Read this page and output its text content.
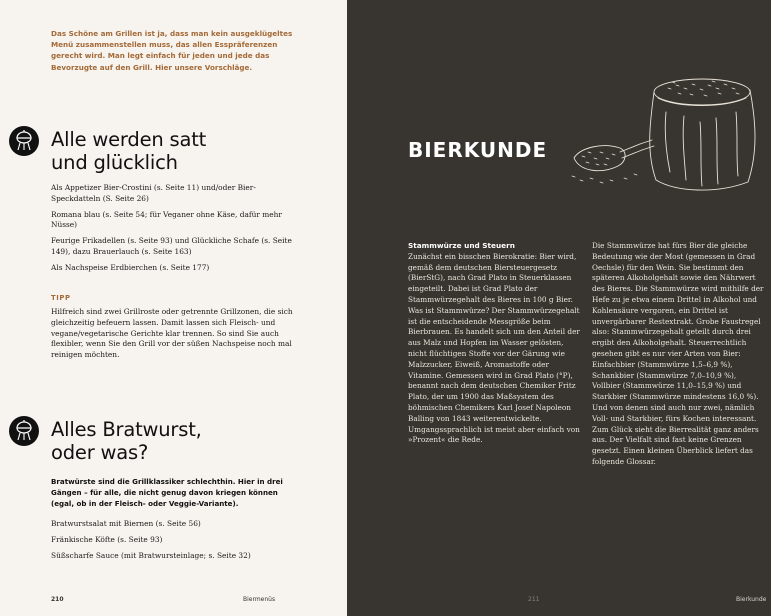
Das Schöne am Grillen ist ja, dass man kein ausgeklügeltes Menü zusammenstellen muss, das allen Esspräferenzen gerecht wird. Man legt einfach für jeden und jede das Bevorzugte auf den Grill. Hier unsere Vorschläge.

Alle werden satt
und glücklich
Als Appetizer Bier-Crostini (s. Seite 11) und/oder Bier-Speckdatteln (S. Seite 26)
Romana blau (s. Seite 54; für Veganer ohne Käse, dafür mehr Nüsse)
Feurige Frikadellen (s. Seite 93) und Glückliche Schafe (s. Seite 149), dazu Brauerlauch (s. Seite 163)
Als Nachspeise Erdbierchen (s. Seite 177)

TIPP

Hilfreich sind zwei Grillroste oder getrennte Grillzonen, die sich gleichzeitig befeuern lassen. Damit lassen sich Fleisch- und vegane/vegetarische Gerichte klar trennen. So sind Sie auch flexibler, wenn Sie den Grill vor der süßen Nachspeise noch mal reinigen möchten.

Alles Bratwurst,
oder was?

Bratwürste sind die Grillklassiker schlechthin. Hier in drei Gängen – für alle, die nicht genug davon kriegen können (egal, ob in der Fleisch- oder Veggie-Variante).

Bratwurstsalat mit Biernen (s. Seite 56)
Fränkische Köfte (s. Seite 93)
Süßscharfe Sauce (mit Bratwursteinlage; s. Seite 32)

210	Biermenüs

BIERKUNDE
Stammwürze und Steuern
Zunächst ein bisschen Bierokratie: Bier wird, gemäß dem deutschen Biersteuergesetz (BierStG), nach Grad Plato in Steuerklassen eingeteilt. Dabei ist Grad Plato der Stammwürzegehalt des Bieres in 100 g Bier. Was ist Stammwürze? Der Stammwürzegehalt ist die entscheidende Messgröße beim Bierbrauen. Es handelt sich um den Anteil der aus Malz und Hopfen im Wasser gelösten, nicht flüchtigen Stoffe vor der Gärung wie Malzzucker, Eiweiß, Aromastoffe oder Vitamine. Gemessen wird in Grad Plato (°P), benannt nach dem deutschen Chemiker Fritz Plato, der um 1900 das Maßsystem des böhmischen Chemikers Karl Josef Napoleon Balling von 1843 weiterentwickelte. Umgangssprachlich ist meist aber einfach von »Prozent« die Rede.
Die Stammwürze hat fürs Bier die gleiche Bedeutung wie der Most (gemessen in Grad Oechsle) für den Wein. Sie bestimmt den späteren Alkoholgehalt sowie den Nährwert des Bieres. Die Stammwürze wird mithilfe der Hefe zu je etwa einem Drittel in Alkohol und Kohlensäure vergoren, ein Drittel ist unvergärbarer Restextrakt. Grobe Faustregel also: Stammwürzegehalt geteilt durch drei ergibt den Alkoholgehalt. Steuerrechtlich gesehen gibt es nur vier Arten von Bier: Einfachbier (Stammwürze 1,5–6,9 %), Schankbier (Stammwürze 7,0–10,9 %), Vollbier (Stammwürze 11,0–15,9 %) und Starkbier (Stammwürze mindestens 16,0 %). Und von denen sind auch nur zwei, nämlich Voll- und Starkbier, fürs Kochen interessant. Zum Glück sieht die Bierrealität ganz anders aus. Der Vielfalt sind fast keine Grenzen gesetzt. Einen kleinen Überblick liefert das folgende Glossar.

211	Bierkunde
